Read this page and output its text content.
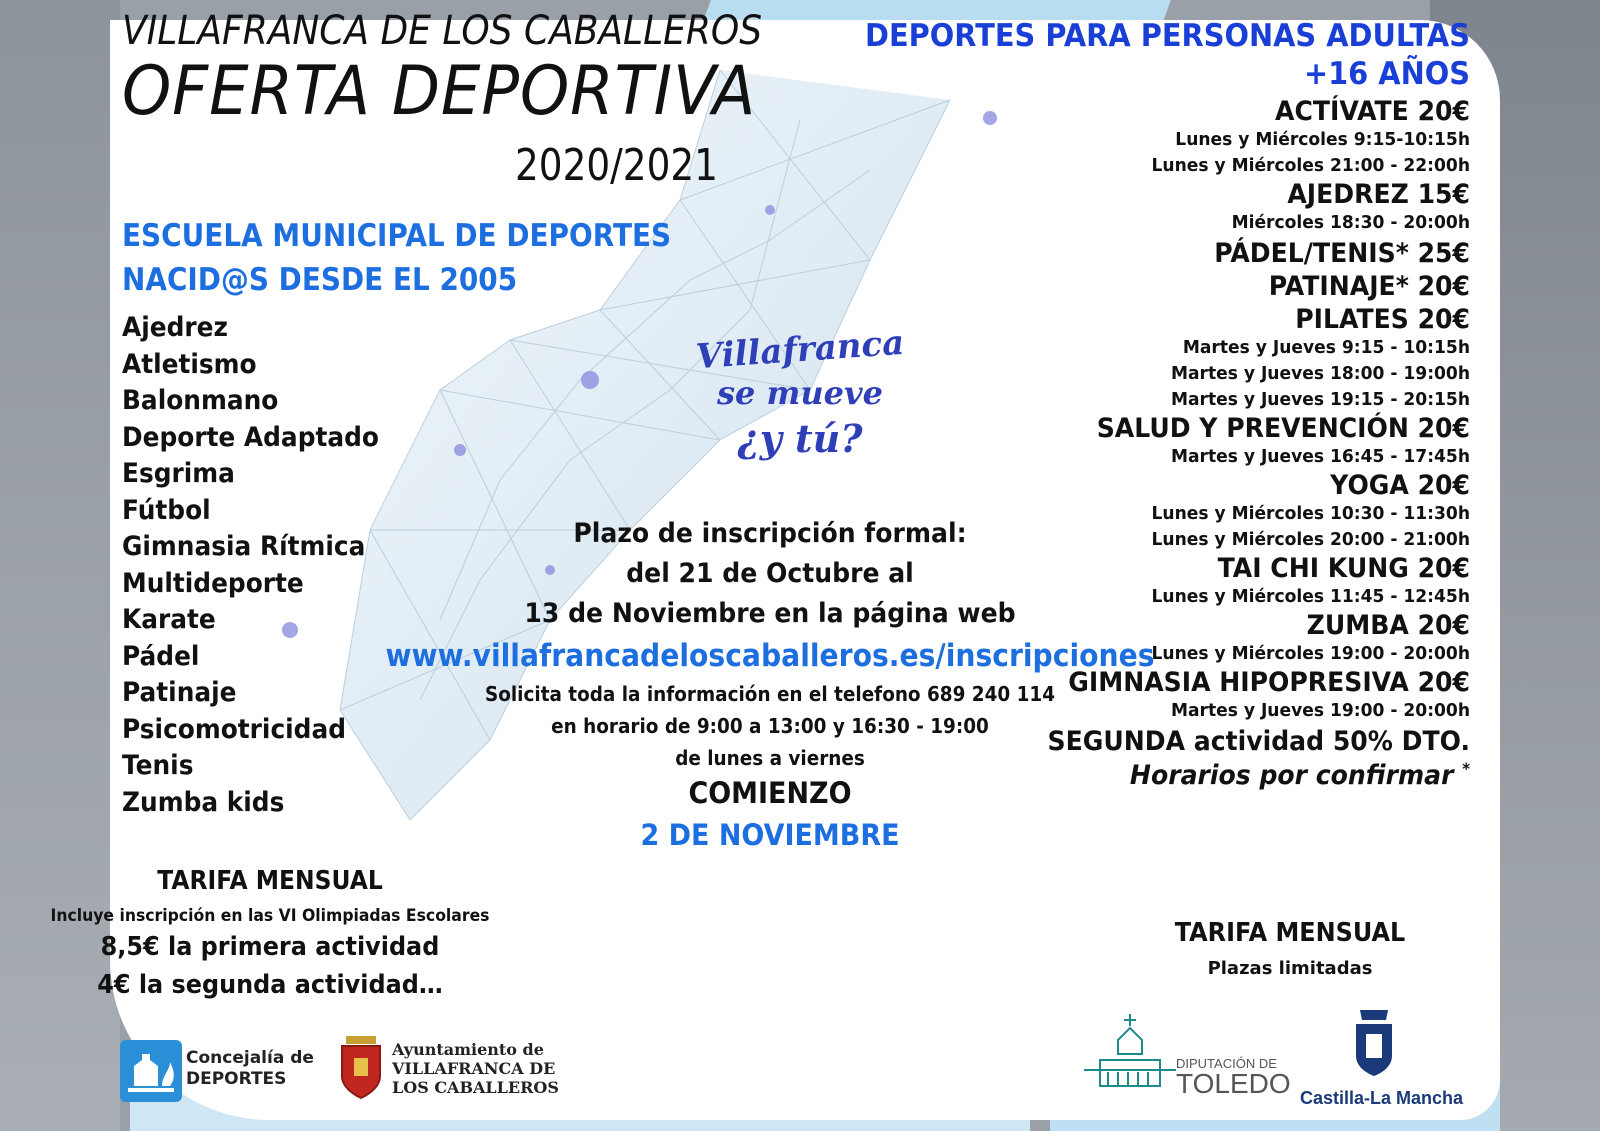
VILLAFRANCA DE LOS CABALLEROS
OFERTA DEPORTIVA
2020/2021
ESCUELA MUNICIPAL DE DEPORTES
NACID@S DESDE EL 2005
Ajedrez
Atletismo
Balonmano
Deporte Adaptado
Esgrima
Fútbol
Gimnasia Rítmica
Multideporte
Karate
Pádel
Patinaje
Psicomotricidad
Tenis
Zumba kids
TARIFA MENSUAL
Incluye inscripción en las VI Olimpiadas Escolares
8,5€ la primera actividad
4€ la segunda actividad…
Villafranca
se mueve
¿y tú?
Plazo de inscripción formal:
del 21 de Octubre al
13 de Noviembre en la página web
www.villafrancadeloscaballeros.es/inscripciones
Solicita toda la información en el telefono 689 240 114
en horario de 9:00 a 13:00 y 16:30 - 19:00
de lunes a viernes
COMIENZO
2 DE NOVIEMBRE
DEPORTES PARA PERSONAS ADULTAS
+16 AÑOS
ACTÍVATE 20€
Lunes y Miércoles 9:15-10:15h
Lunes y Miércoles 21:00 - 22:00h
AJEDREZ 15€
Miércoles 18:30 - 20:00h
PÁDEL/TENIS* 25€
PATINAJE* 20€
PILATES 20€
Martes y Jueves 9:15 - 10:15h
Martes y Jueves 18:00 - 19:00h
Martes y Jueves 19:15 - 20:15h
SALUD Y PREVENCIÓN 20€
Martes y Jueves 16:45 - 17:45h
YOGA 20€
Lunes y Miércoles 10:30 - 11:30h
Lunes y Miércoles 20:00 - 21:00h
TAI CHI KUNG 20€
Lunes y Miércoles 11:45 - 12:45h
ZUMBA 20€
Lunes y Miércoles 19:00 - 20:00h
GIMNASIA HIPOPRESIVA 20€
Martes y Jueves 19:00 - 20:00h
SEGUNDA actividad 50% DTO.
Horarios por confirmar *
TARIFA MENSUAL
Plazas limitadas
Concejalía de
DEPORTES
Ayuntamiento de
VILLAFRANCA DE
LOS CABALLEROS
DIPUTACIÓN DE
TOLEDO Castilla-La Mancha
